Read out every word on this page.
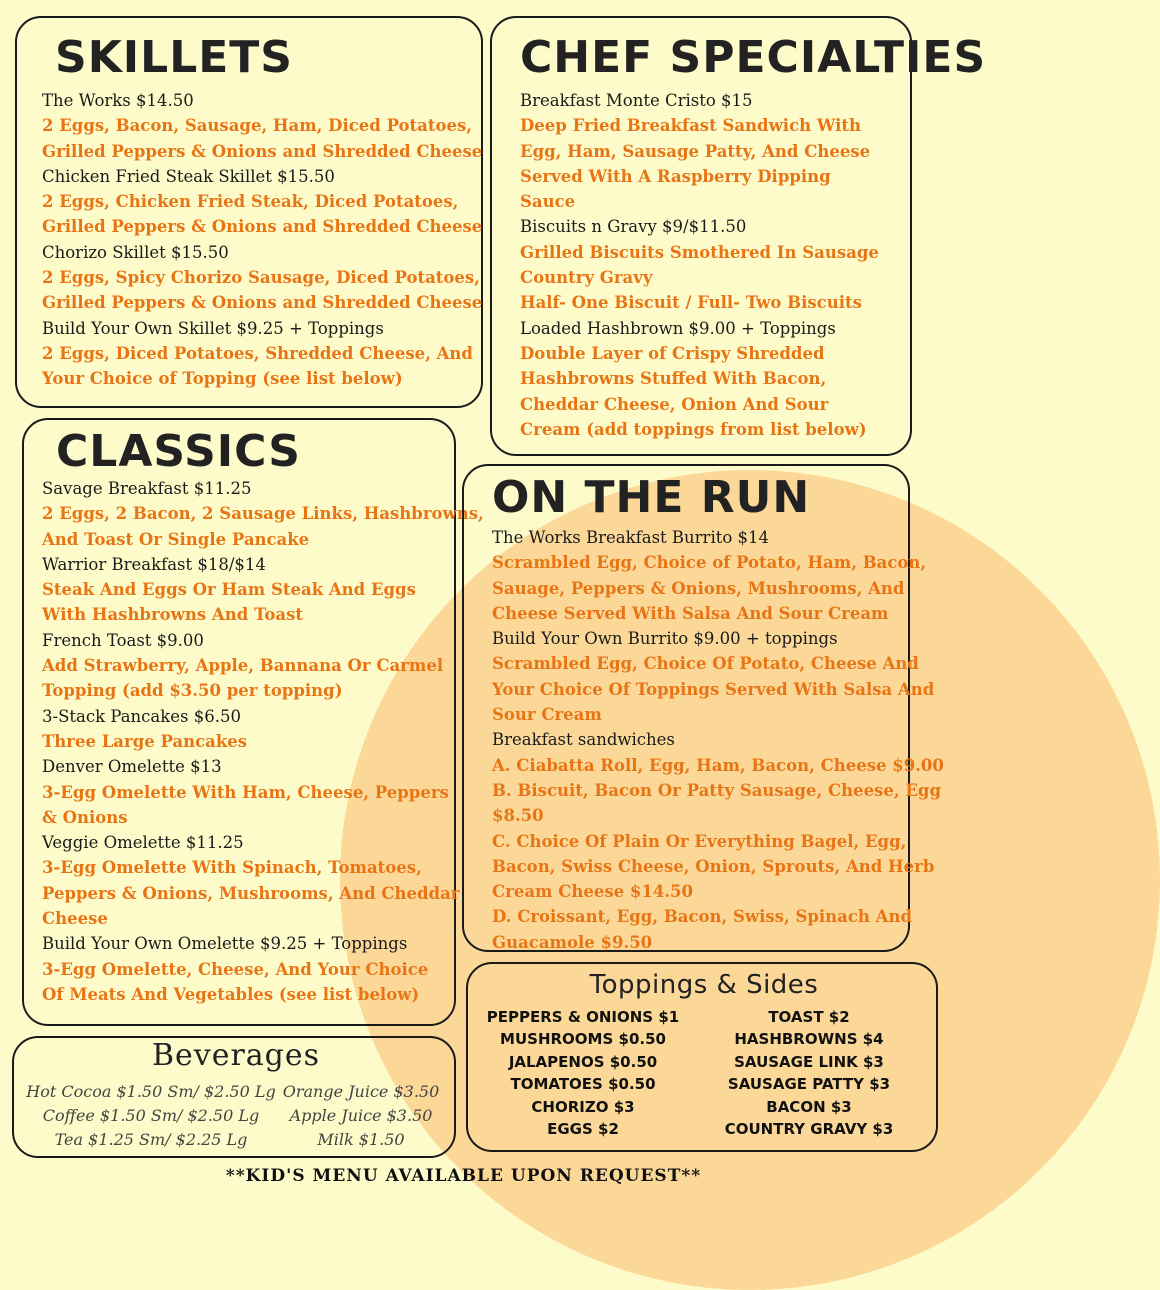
SKILLETS
The Works $14.50
2 Eggs, Bacon, Sausage, Ham, Diced Potatoes,
Grilled Peppers & Onions and Shredded Cheese
Chicken Fried Steak Skillet $15.50
2 Eggs, Chicken Fried Steak, Diced Potatoes,
Grilled Peppers & Onions and Shredded Cheese
Chorizo Skillet $15.50
2 Eggs, Spicy Chorizo Sausage, Diced Potatoes,
Grilled Peppers & Onions and Shredded Cheese
Build Your Own Skillet $9.25 + Toppings
2 Eggs, Diced Potatoes, Shredded Cheese, And
Your Choice of Topping (see list below)
CHEF SPECIALTIES
Breakfast Monte Cristo $15
Deep Fried Breakfast Sandwich With
Egg, Ham, Sausage Patty, And Cheese
Served With A Raspberry Dipping
Sauce
Biscuits n Gravy $9/$11.50
Grilled Biscuits Smothered In Sausage
Country Gravy
Half- One Biscuit / Full- Two Biscuits
Loaded Hashbrown $9.00 + Toppings
Double Layer of Crispy Shredded
Hashbrowns Stuffed With Bacon,
Cheddar Cheese, Onion And Sour
Cream (add toppings from list below)
CLASSICS
Savage Breakfast $11.25
2 Eggs, 2 Bacon, 2 Sausage Links, Hashbrowns,
And Toast Or Single Pancake
Warrior Breakfast $18/$14
Steak And Eggs Or Ham Steak And Eggs
With Hashbrowns And Toast
French Toast $9.00
Add Strawberry, Apple, Bannana Or Carmel
Topping (add $3.50 per topping)
3-Stack Pancakes $6.50
Three Large Pancakes
Denver Omelette $13
3-Egg Omelette With Ham, Cheese, Peppers
& Onions
Veggie Omelette $11.25
3-Egg Omelette With Spinach, Tomatoes,
Peppers & Onions, Mushrooms, And Cheddar
Cheese
Build Your Own Omelette $9.25 + Toppings
3-Egg Omelette, Cheese, And Your Choice
Of Meats And Vegetables (see list below)
ON THE RUN
The Works Breakfast Burrito $14
Scrambled Egg, Choice of Potato, Ham, Bacon,
Sauage, Peppers & Onions, Mushrooms, And
Cheese Served With Salsa And Sour Cream
Build Your Own Burrito $9.00 + toppings
Scrambled Egg, Choice Of Potato, Cheese And
Your Choice Of Toppings Served With Salsa And
Sour Cream
Breakfast sandwiches
A. Ciabatta Roll, Egg, Ham, Bacon, Cheese $9.00
B. Biscuit, Bacon Or Patty Sausage, Cheese, Egg
$8.50
C. Choice Of Plain Or Everything Bagel, Egg,
Bacon, Swiss Cheese, Onion, Sprouts, And Herb
Cream Cheese $14.50
D. Croissant, Egg, Bacon, Swiss, Spinach And
Guacamole $9.50
Toppings & Sides
PEPPERS & ONIONS $1
MUSHROOMS $0.50
JALAPENOS $0.50
TOMATOES $0.50
CHORIZO $3
EGGS $2
TOAST $2
HASHBROWNS $4
SAUSAGE LINK $3
SAUSAGE PATTY $3
BACON $3
COUNTRY GRAVY $3
Beverages
Hot Cocoa $1.50 Sm/ $2.50 Lg
Coffee $1.50 Sm/ $2.50 Lg
Tea $1.25 Sm/ $2.25 Lg
Orange Juice $3.50
Apple Juice $3.50
Milk $1.50
**KID'S MENU AVAILABLE UPON REQUEST**
